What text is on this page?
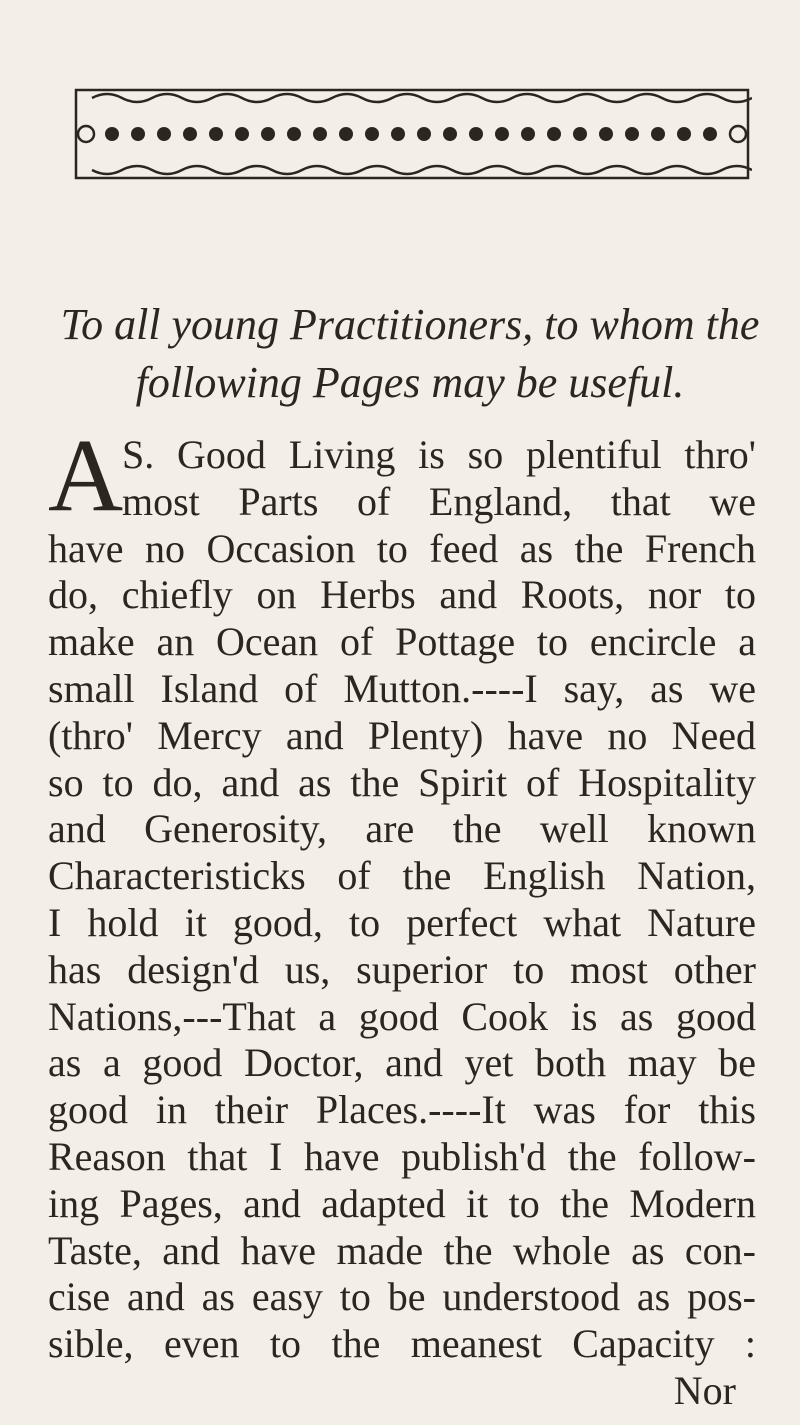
To all young Practitioners, to whom the
following Pages may be useful.
A
S. Good Living is so plentiful thro'
most Parts of England, that we
have no Occasion to feed as the French
do, chiefly on Herbs and Roots, nor to
make an Ocean of Pottage to encircle a
small Island of Mutton.----I say, as we
(thro' Mercy and Plenty) have no Need
so to do, and as the Spirit of Hospitality
and Generosity, are the well known
Characteristicks of the English Nation,
I hold it good, to perfect what Nature
has design'd us, superior to most other
Nations,---That a good Cook is as good
as a good Doctor, and yet both may be
good in their Places.----It was for this
Reason that I have publish'd the follow-
ing Pages, and adapted it to the Modern
Taste, and have made the whole as con-
cise and as easy to be understood as pos-
sible, even to the meanest Capacity :
Nor
